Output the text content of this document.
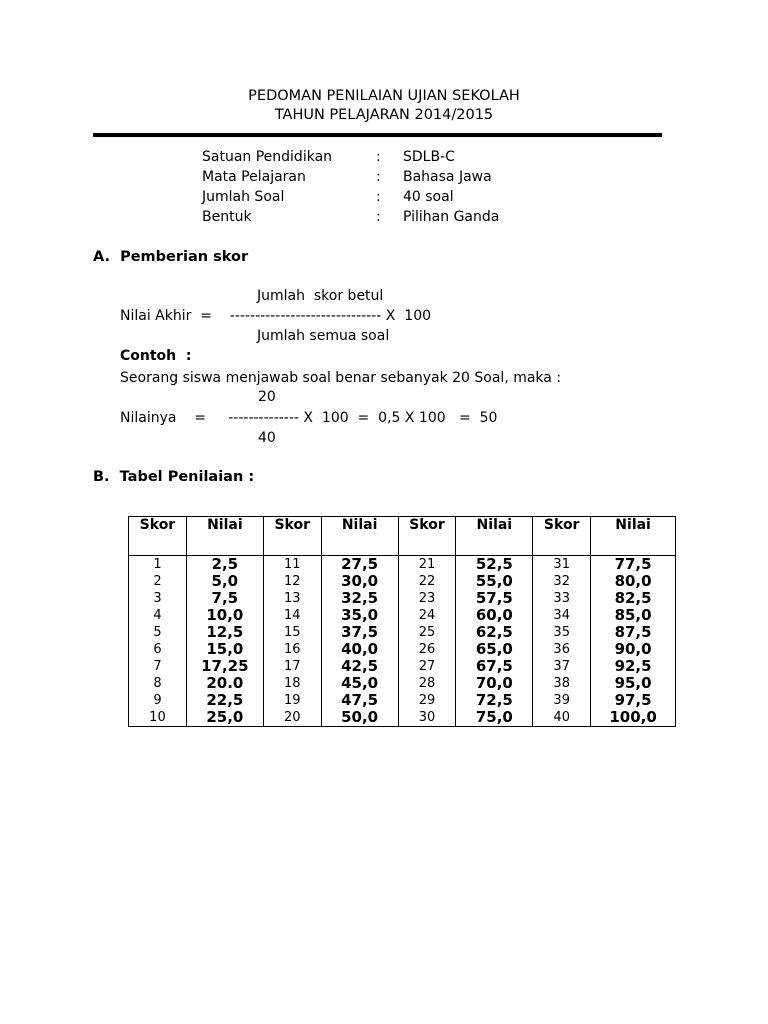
PEDOMAN PENILAIAN UJIAN SEKOLAH
TAHUN PELAJARAN 2014/2015
Satuan Pendidikan	: SDLB-C
Mata Pelajaran	: Bahasa Jawa
Jumlah Soal	: 40 soal
Bentuk	: Pilihan Ganda
A.  Pemberian skor
Jumlah  skor betul
Nilai Akhir  =    ------------------------------ X  100
Jumlah semua soal
Contoh  :
Seorang siswa menjawab soal benar sebanyak 20 Soal, maka :
20
Nilainya    =     -------------- X  100  =  0,5 X 100   =  50
40
B.  Tabel Penilaian :
Skor	Nilai	Skor	Nilai	Skor	Nilai	Skor	Nilai
1	2,5	11	27,5	21	52,5	31	77,5
2	5,0	12	30,0	22	55,0	32	80,0
3	7,5	13	32,5	23	57,5	33	82,5
4	10,0	14	35,0	24	60,0	34	85,0
5	12,5	15	37,5	25	62,5	35	87,5
6	15,0	16	40,0	26	65,0	36	90,0
7	17,25	17	42,5	27	67,5	37	92,5
8	20.0	18	45,0	28	70,0	38	95,0
9	22,5	19	47,5	29	72,5	39	97,5
10	25,0	20	50,0	30	75,0	40	100,0
